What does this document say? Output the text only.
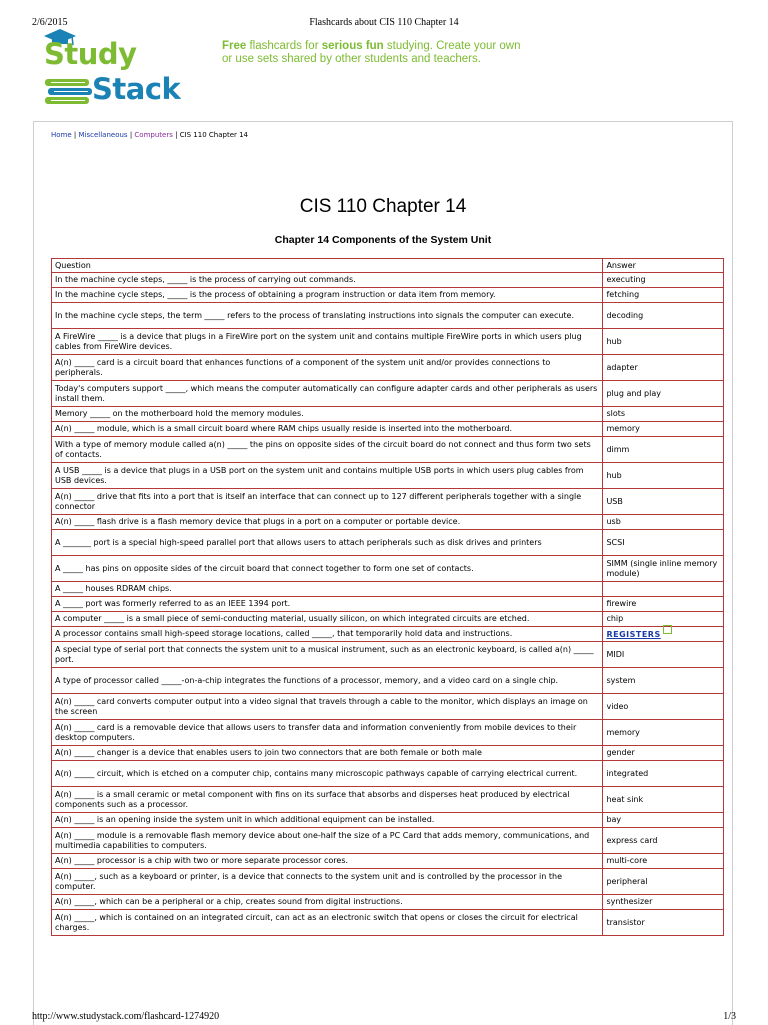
2/6/2015	Flashcards about CIS 110 Chapter 14
Study
Stack
Free flashcards for serious fun studying. Create your own or use sets shared by other students and teachers.
Home | Miscellaneous | Computers | CIS 110 Chapter 14
CIS 110 Chapter 14
Chapter 14 Components of the System Unit
Question	Answer
In the machine cycle steps, _____ is the process of carrying out commands.	executing
In the machine cycle steps, _____ is the process of obtaining a program instruction or data item from memory.	fetching
In the machine cycle steps, the term _____ refers to the process of translating instructions into signals the computer can execute.	decoding
A FireWire _____ is a device that plugs in a FireWire port on the system unit and contains multiple FireWire ports in which users plug cables from FireWire devices.	hub
A(n) _____ card is a circuit board that enhances functions of a component of the system unit and/or provides connections to peripherals.	adapter
Today's computers support _____, which means the computer automatically can configure adapter cards and other peripherals as users install them.	plug and play
Memory _____ on the motherboard hold the memory modules.	slots
A(n) _____ module, which is a small circuit board where RAM chips usually reside is inserted into the motherboard.	memory
With a type of memory module called a(n) _____ the pins on opposite sides of the circuit board do not connect and thus form two sets of contacts.	dimm
A USB _____ is a device that plugs in a USB port on the system unit and contains multiple USB ports in which users plug cables from USB devices.	hub
A(n) _____ drive that fits into a port that is itself an interface that can connect up to 127 different peripherals together with a single connector	USB
A(n) _____ flash drive is a flash memory device that plugs in a port on a computer or portable device.	usb
A _______ port is a special high-speed parallel port that allows users to attach peripherals such as disk drives and printers	SCSI
A _____ has pins on opposite sides of the circuit board that connect together to form one set of contacts.	SIMM (single inline memory module)
A _____ houses RDRAM chips.	
A _____ port was formerly referred to as an IEEE 1394 port.	firewire
A computer _____ is a small piece of semi-conducting material, usually silicon, on which integrated circuits are etched.	chip
A processor contains small high-speed storage locations, called _____, that temporarily hold data and instructions.	REGISTERS
A special type of serial port that connects the system unit to a musical instrument, such as an electronic keyboard, is called a(n) _____ port.	MIDI
A type of processor called _____-on-a-chip integrates the functions of a processor, memory, and a video card on a single chip.	system
A(n) _____ card converts computer output into a video signal that travels through a cable to the monitor, which displays an image on the screen	video
A(n) _____ card is a removable device that allows users to transfer data and information conveniently from mobile devices to their desktop computers.	memory
A(n) _____ changer is a device that enables users to join two connectors that are both female or both male	gender
A(n) _____ circuit, which is etched on a computer chip, contains many microscopic pathways capable of carrying electrical current.	integrated
A(n) _____ is a small ceramic or metal component with fins on its surface that absorbs and disperses heat produced by electrical components such as a processor.	heat sink
A(n) _____ is an opening inside the system unit in which additional equipment can be installed.	bay
A(n) _____ module is a removable flash memory device about one-half the size of a PC Card that adds memory, communications, and multimedia capabilities to computers.	express card
A(n) _____ processor is a chip with two or more separate processor cores.	multi-core
A(n) _____, such as a keyboard or printer, is a device that connects to the system unit and is controlled by the processor in the computer.	peripheral
A(n) _____, which can be a peripheral or a chip, creates sound from digital instructions.	synthesizer
A(n) _____, which is contained on an integrated circuit, can act as an electronic switch that opens or closes the circuit for electrical charges.	transistor
http://www.studystack.com/flashcard-1274920	1/3
